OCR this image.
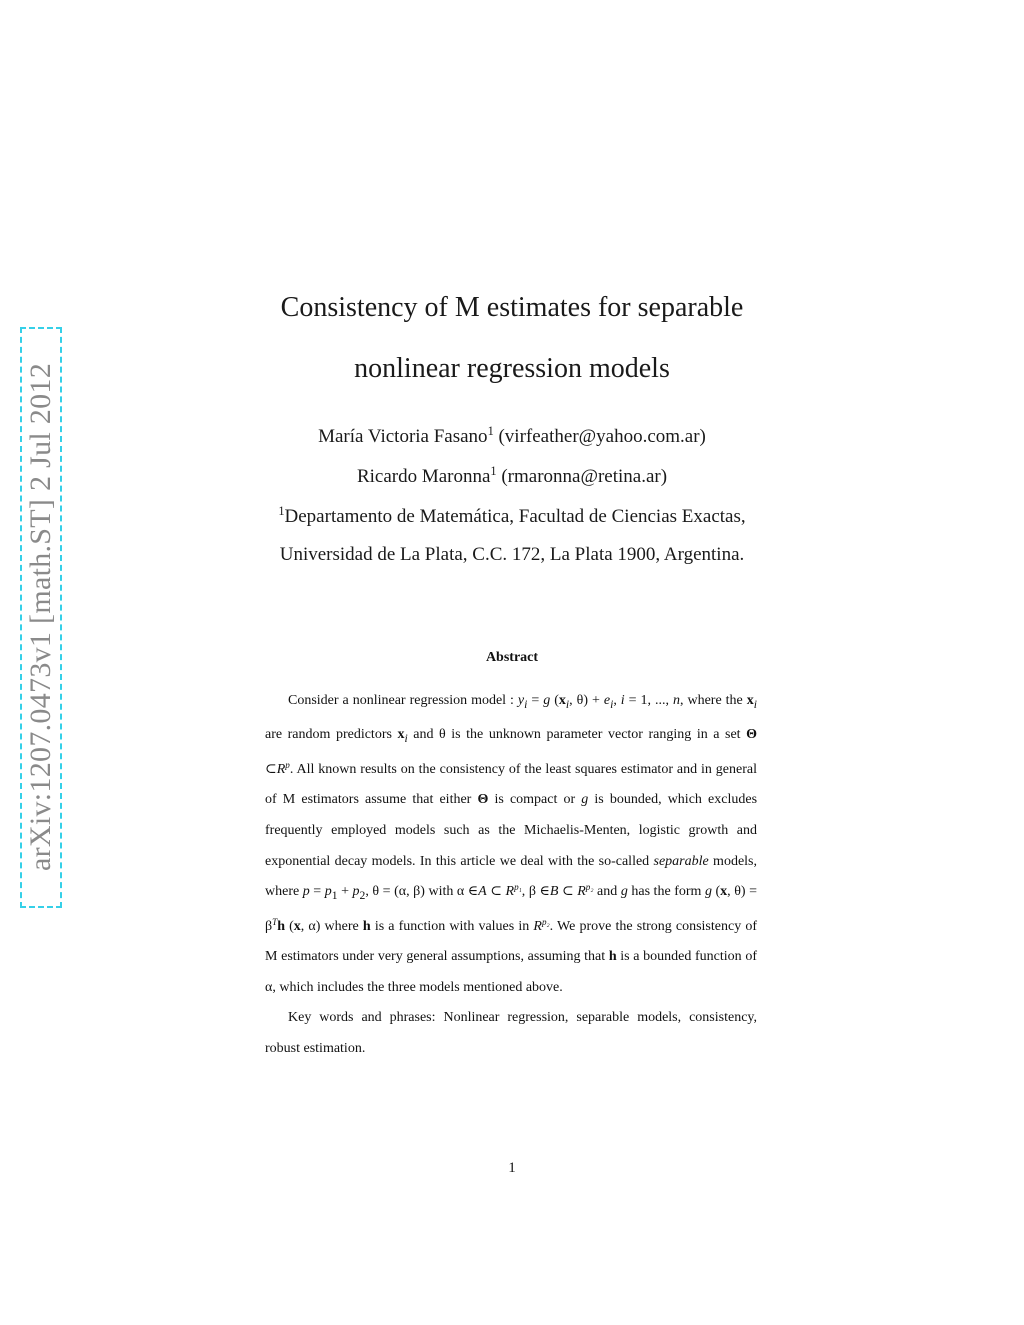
arXiv:1207.0473v1 [math.ST] 2 Jul 2012
Consistency of M estimates for separable
nonlinear regression models
María Victoria Fasano$^1$ (virfeather@yahoo.com.ar)
Ricardo Maronna$^1$ (rmaronna@retina.ar)
$^1$Departamento de Matemática, Facultad de Ciencias Exactas,
Universidad de La Plata, C.C. 172, La Plata 1900, Argentina.
Abstract

Consider a nonlinear regression model : $y_i = g$ ($x_i$, $\theta) + e_i$, i = 1, ..., n, where the $x_i$ are random predictors $x_i$ and θ is the unknown parameter vector ranging in a set Θ $\subset R^p$. All known results on the consistency of the least squares estimator and in general of M estimators assume that either Θ is compact or g is bounded, which excludes frequently employed models such as the Michaelis-Menten, logistic growth and exponential decay models. In this article we deal with the so-called separable models, where $p = p_1 + p_2$, θ = (α, β) with α ∈A ⊂ $R^{p_1}$, β ∈B ⊂ $R^{p_2}$ and g has the form g (x, $\theta) = \beta^Th$ (x, α) where h is a function with values in $R^{p_2}$. We prove the strong consistency of M estimators under very general assumptions, assuming that h is a bounded function of α, which includes the three models mentioned above.

Key words and phrases: Nonlinear regression, separable models, consistency, robust estimation.

1
